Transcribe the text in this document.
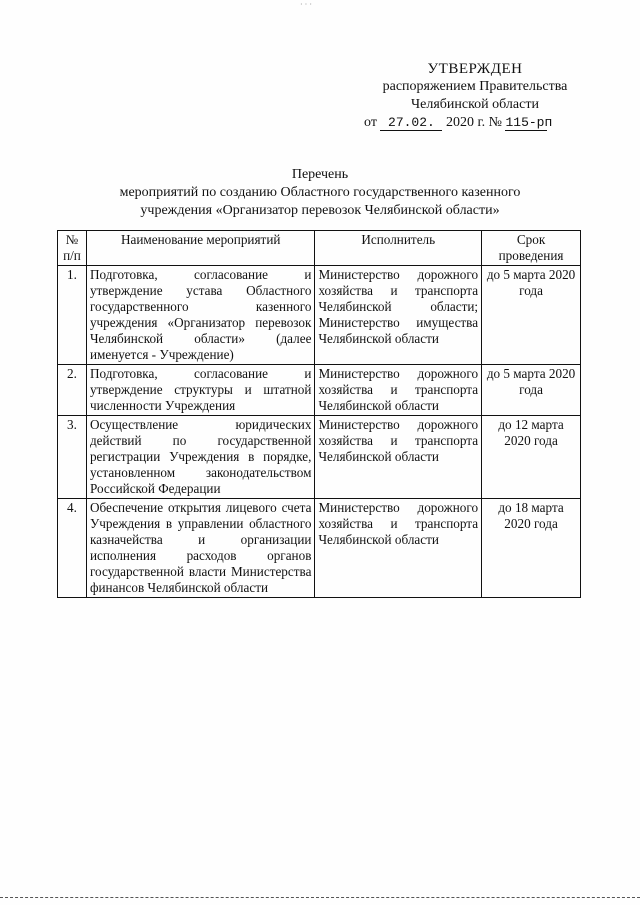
· · ·
УТВЕРЖДЕН
распоряжением Правительства
Челябинской области
от 27.02. 2020 г. № 115-рп
Перечень
мероприятий по созданию Областного государственного казенного
учреждения «Организатор перевозок Челябинской области»
№ п/п	Наименование мероприятий	Исполнитель	Срок проведения
1.	Подготовка, согласование и утверждение устава Областного государственного казенного учреждения «Организатор перевозок Челябинской области» (далее именуется - Учреждение)	Министерство дорожного хозяйства и транспорта Челябинской области; Министерство имущества Челябинской области	до 5 марта 2020 года
2.	Подготовка, согласование и утверждение структуры и штатной численности Учреждения	Министерство дорожного хозяйства и транспорта Челябинской области	до 5 марта 2020 года
3.	Осуществление юридических действий по государственной регистрации Учреждения в порядке, установленном законодательством Российской Федерации	Министерство дорожного хозяйства и транспорта Челябинской области	до 12 марта 2020 года
4.	Обеспечение открытия лицевого счета Учреждения в управлении областного казначейства и организации исполнения расходов органов государственной власти Министерства финансов Челябинской области	Министерство дорожного хозяйства и транспорта Челябинской области	до 18 марта 2020 года
